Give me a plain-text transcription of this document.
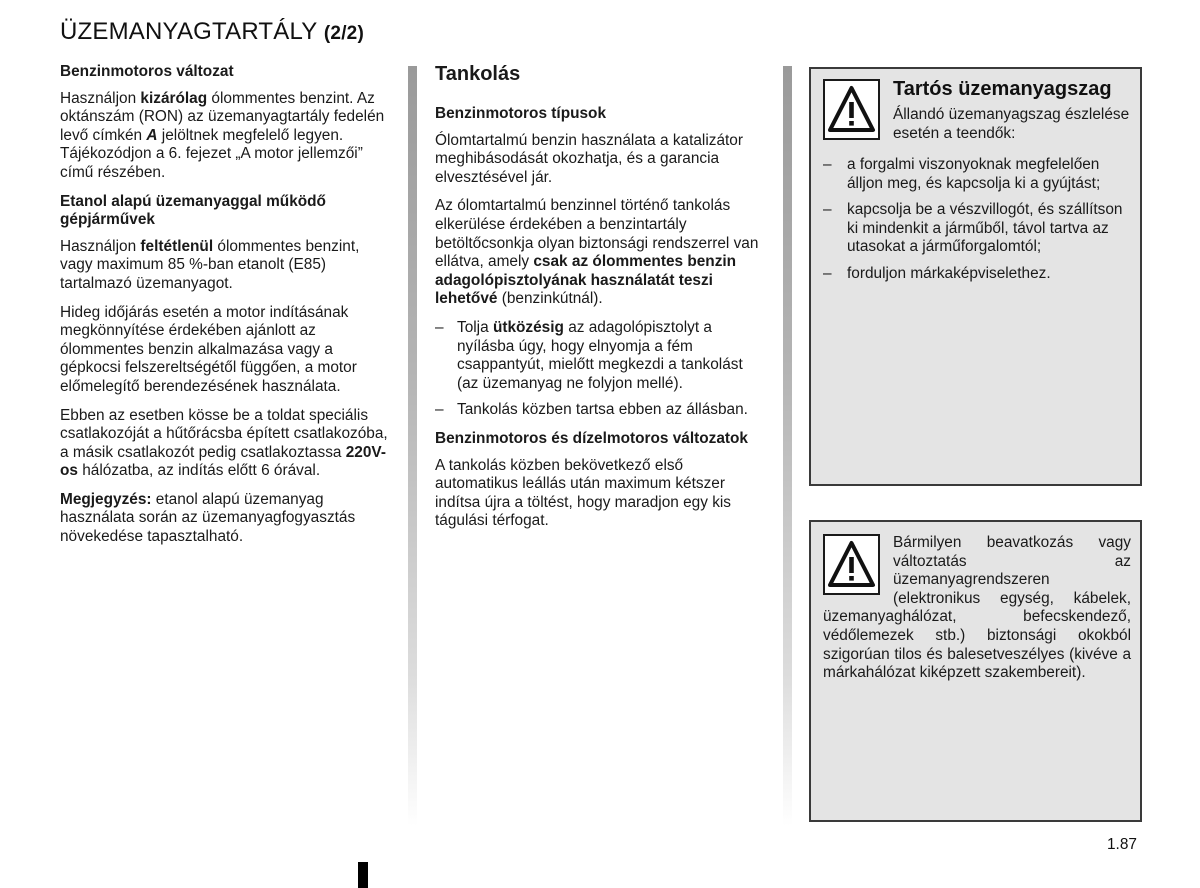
ÜZEMANYAGTARTÁLY (2/2)
Benzinmotoros változat

Használjon kizárólag ólommentes benzint. Az oktánszám (RON) az üzemanyagtartály fedelén levő címkén A jelöltnek megfelelő legyen. Tájékozódjon a 6. fejezet „A motor jellemzői” című részében.

Etanol alapú üzemanyaggal működő gépjárművek

Használjon feltétlenül ólommentes benzint, vagy maximum 85 %-ban etanolt (E85) tartalmazó üzemanyagot.

Hideg időjárás esetén a motor indításának megkönnyítése érdekében ajánlott az ólommentes benzin alkalmazása vagy a gépkocsi felszereltségétől függően, a motor előmelegítő berendezésének használata.

Ebben az esetben kösse be a toldat speciális csatlakozóját a hűtőrácsba épített csatlakozóba, a másik csatlakozót pedig csatlakoztassa 220V-os hálózatba, az indítás előtt 6 órával.

Megjegyzés: etanol alapú üzemanyag használata során az üzemanyagfogyasztás növekedése tapasztalható.

Tankolás
Benzinmotoros típusok

Ólomtartalmú benzin használata a katalizátor meghibásodását okozhatja, és a garancia elvesztésével jár.

Az ólomtartalmú benzinnel történő tankolás elkerülése érdekében a benzintartály betöltőcsonkja olyan biztonsági rendszerrel van ellátva, amely csak az ólommentes benzin adagolópisztolyának használatát teszi lehetővé (benzinkútnál).

– Tolja ütközésig az adagolópisztolyt a nyílásba úgy, hogy elnyomja a fém csappantyút, mielőtt megkezdi a tankolást (az üzemanyag ne folyjon mellé).
– Tankolás közben tartsa ebben az állásban.
Benzinmotoros és dízelmotoros változatok

A tankolás közben bekövetkező első automatikus leállás után maximum kétszer indítsa újra a töltést, hogy maradjon egy kis tágulási térfogat.

Tartós üzemanyagszag
Állandó üzemanyagszag észlelése esetén a teendők:
–	a forgalmi viszonyoknak megfelelően álljon meg, és kapcsolja ki a gyújtást;
–	kapcsolja be a vészvillogót, és szállítson ki mindenkit a járműből, távol tartva az utasokat a járműforgalomtól;
–	forduljon márkaképviselethez.
Bármilyen beavatkozás vagy változtatás az üzemanyagrendszeren (elektronikus egység, kábelek, üzemanyaghálózat, befecskendező, védőlemezek stb.) biztonsági okokból szigorúan tilos és balesetveszélyes (kivéve a márkahálózat kiképzett szakembereit).
1.87
